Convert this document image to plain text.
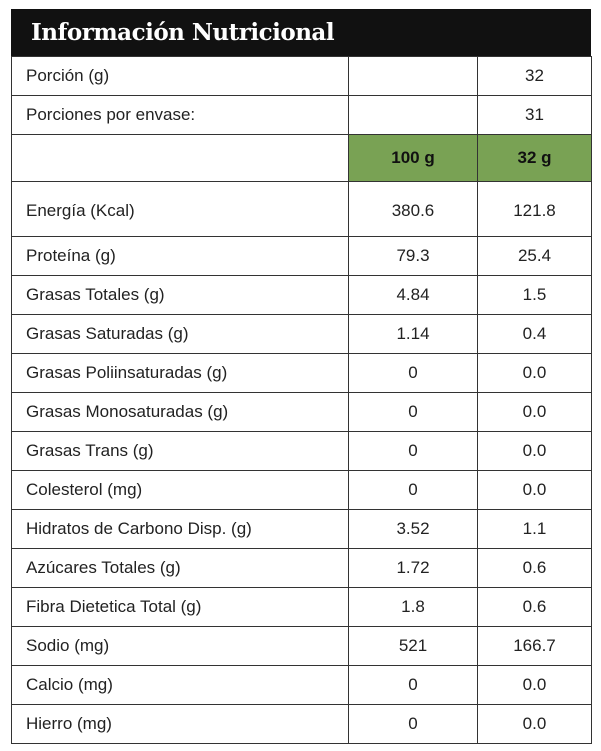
Información Nutricional
Porción (g)		32
Porciones por envase:		31
	100 g	32 g
Energía (Kcal)	380.6	121.8
Proteína (g)	79.3	25.4
Grasas Totales (g)	4.84	1.5
Grasas Saturadas (g)	1.14	0.4
Grasas Poliinsaturadas (g)	0	0.0
Grasas Monosaturadas (g)	0	0.0
Grasas Trans (g)	0	0.0
Colesterol (mg)	0	0.0
Hidratos de Carbono Disp. (g)	3.52	1.1
Azúcares Totales (g)	1.72	0.6
Fibra Dietetica Total (g)	1.8	0.6
Sodio (mg)	521	166.7
Calcio (mg)	0	0.0
Hierro (mg)	0	0.0
